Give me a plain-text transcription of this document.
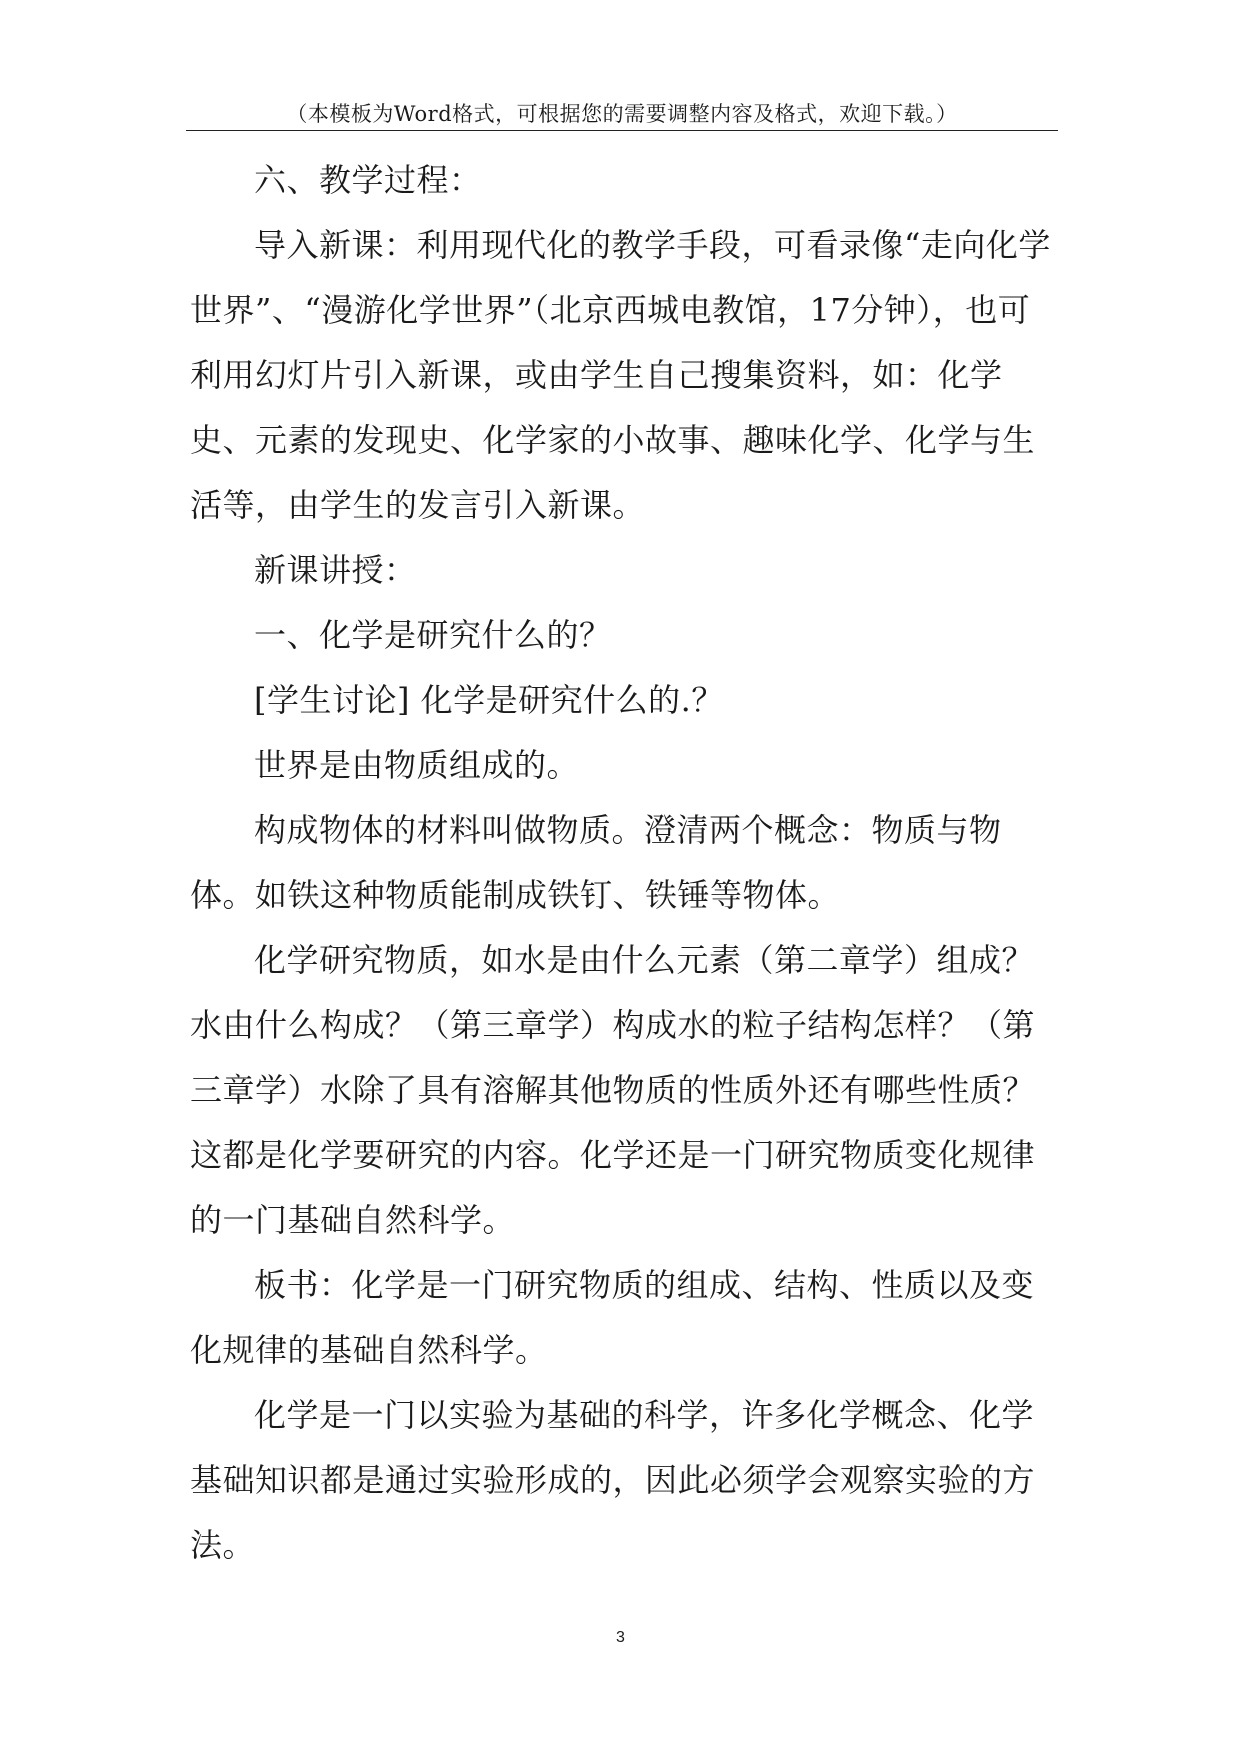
（本模板为Word格式，可根据您的需要调整内容及格式，欢迎下载。）

六、教学过程：

导入新课：利用现代化的教学手段，可看录像“走向化学世界”、“漫游化学世界”（北京西城电教馆，17分钟），也可利用幻灯片引入新课，或由学生自己搜集资料，如：化学史、元素的发现史、化学家的小故事、趣味化学、化学与生活等，由学生的发言引入新课。

新课讲授：

一、化学是研究什么的？

[学生讨论] 化学是研究什么的.？

世界是由物质组成的。

构成物体的材料叫做物质。澄清两个概念：物质与物体。如铁这种物质能制成铁钉、铁锤等物体。

化学研究物质，如水是由什么元素（第二章学）组成？水由什么构成？（第三章学）构成水的粒子结构怎样？（第三章学）水除了具有溶解其他物质的性质外还有哪些性质？这都是化学要研究的内容。化学还是一门研究物质变化规律的一门基础自然科学。

板书：化学是一门研究物质的组成、结构、性质以及变化规律的基础自然科学。

化学是一门以实验为基础的科学，许多化学概念、化学基础知识都是通过实验形成的，因此必须学会观察实验的方法。

3
